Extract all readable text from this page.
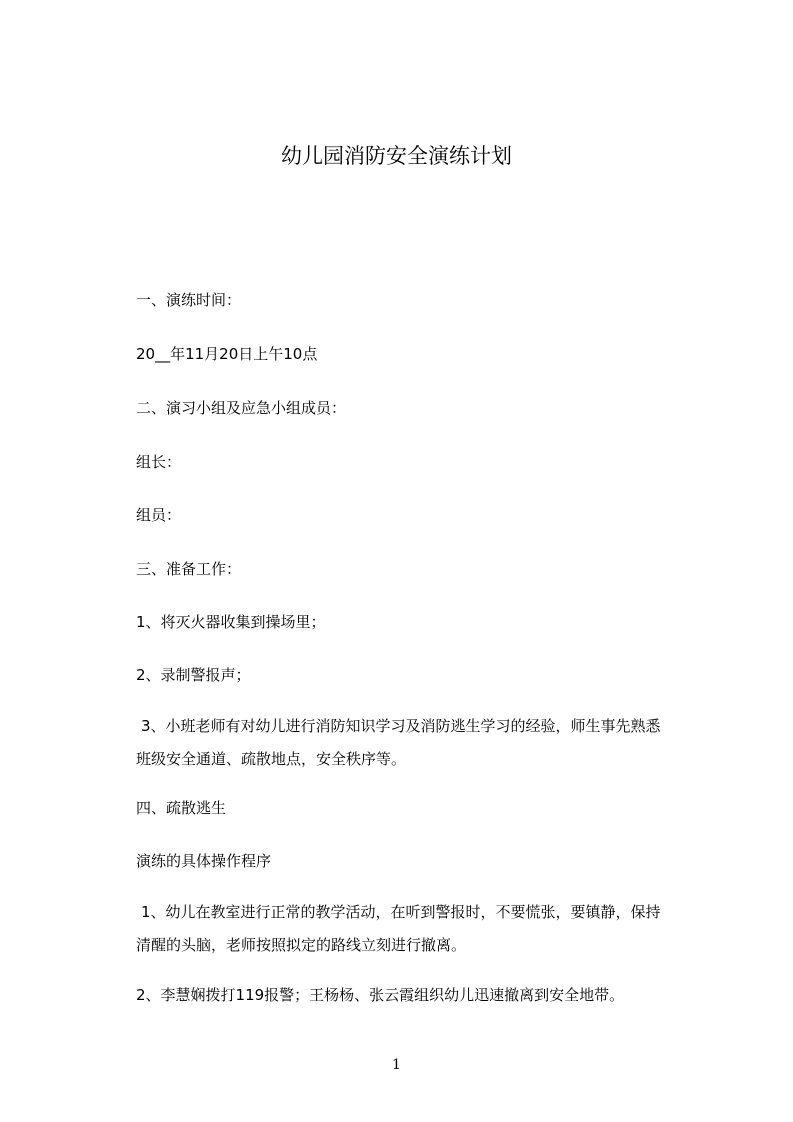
幼儿园消防安全演练计划
一、演练时间：
20__年11月20日上午10点
二、演习小组及应急小组成员：
组长：
组员：
三、准备工作：
1、将灭火器收集到操场里；
2、录制警报声；

3、小班老师有对幼儿进行消防知识学习及消防逃生学习的经验，师生事先熟悉班级安全通道、疏散地点，安全秩序等。

四、疏散逃生
演练的具体操作程序

1、幼儿在教室进行正常的教学活动，在听到警报时，不要慌张，要镇静，保持清醒的头脑，老师按照拟定的路线立刻进行撤离。

2、李慧娴拨打119报警；王杨杨、张云霞组织幼儿迅速撤离到安全地带。
1
